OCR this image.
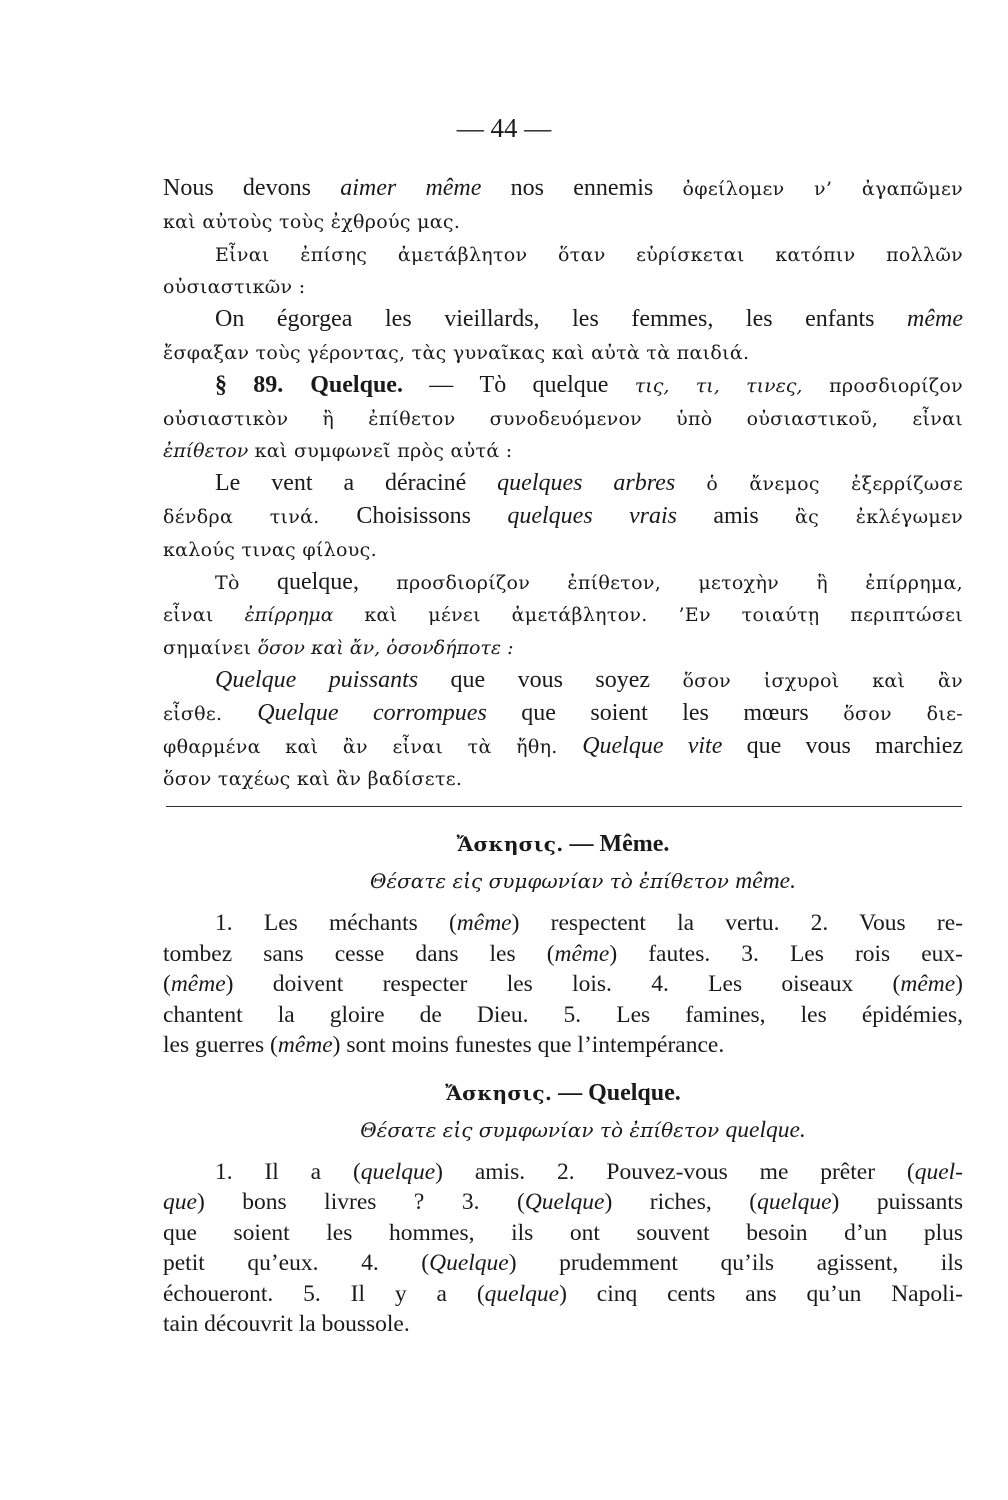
— 44 —
Nous devons aimer même nos ennemis ὀφείλομεν ν’ ἀγαπῶμεν
καὶ αὐτοὺς τοὺς ἐχθρούς μας.
Εἶναι ἐπίσης ἀμετάβλητον ὅταν εὑρίσκεται κατόπιν πολλῶν
οὐσιαστικῶν :
On égorgea les vieillards, les femmes, les enfants même
ἔσφαξαν τοὺς γέροντας, τὰς γυναῖκας καὶ αὐτὰ τὰ παιδιά.
§ 89. Quelque. — Τὸ quelque τις, τι, τινες, προσδιορίζον
οὐσιαστικὸν ἢ ἐπίθετον συνοδευόμενον ὑπὸ οὐσιαστικοῦ, εἶναι
ἐπίθετον καὶ συμφωνεῖ πρὸς αὐτά :
Le vent a déraciné quelques arbres ὁ ἄνεμος ἐξερρίζωσε
δένδρα τινά. Choisissons quelques vrais amis ἂς ἐκλέγωμεν
καλούς τινας φίλους.
Τὸ quelque, προσδιορίζον ἐπίθετον, μετοχὴν ἢ ἐπίρρημα,
εἶναι ἐπίρρημα καὶ μένει ἀμετάβλητον. ’Εν τοιαύτῃ περιπτώσει
σημαίνει ὅσον καὶ ἄν, ὁσονδήποτε :
Quelque puissants que vous soyez ὅσον ἰσχυροὶ καὶ ἂν
εἶσθε. Quelque corrompues que soient les mœurs ὅσον διε-
φθαρμένα καὶ ἂν εἶναι τὰ ἤθη. Quelque vite que vous marchiez
ὅσον ταχέως καὶ ἂν βαδίσετε.
Ἄσκησις. — Même.
Θέσατε εἰς συμφωνίαν τὸ ἐπίθετον même.
1. Les méchants (même) respectent la vertu. 2. Vous re-
tombez sans cesse dans les (même) fautes. 3. Les rois eux-
(même) doivent respecter les lois. 4. Les oiseaux (même)
chantent la gloire de Dieu. 5. Les famines, les épidémies,
les guerres (même) sont moins funestes que l’intempérance.
Ἄσκησις. — Quelque.
Θέσατε εἰς συμφωνίαν τὸ ἐπίθετον quelque.
1. Il a (quelque) amis. 2. Pouvez-vous me prêter (quel-
que) bons livres ? 3. (Quelque) riches, (quelque) puissants
que soient les hommes, ils ont souvent besoin d’un plus
petit qu’eux. 4. (Quelque) prudemment qu’ils agissent, ils
échoueront. 5. Il y a (quelque) cinq cents ans qu’un Napoli-
tain découvrit la boussole.
